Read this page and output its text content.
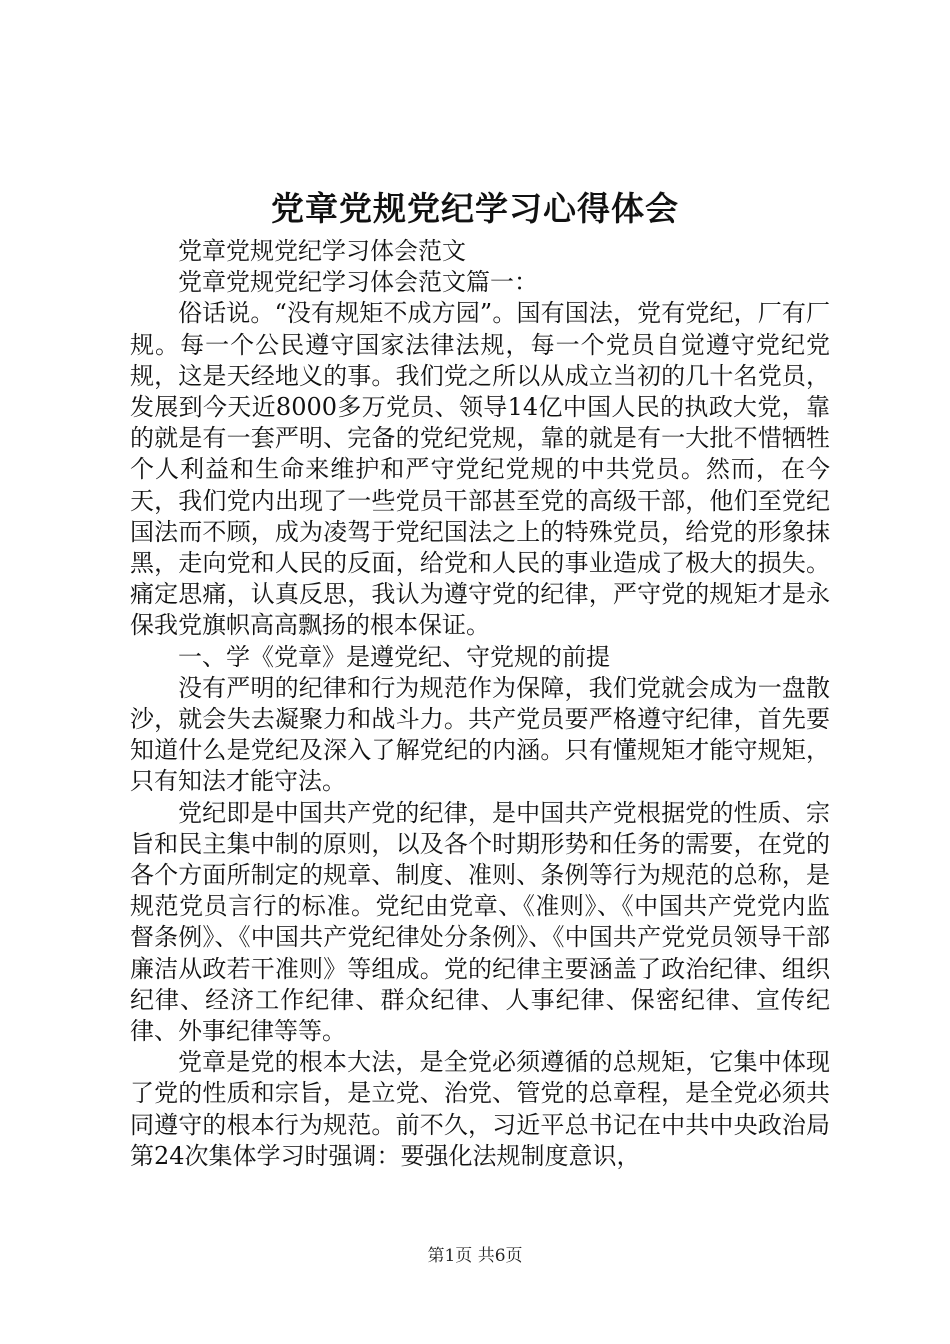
党章党规党纪学习心得体会

党章党规党纪学习体会范文

党章党规党纪学习体会范文篇一：

俗话说。“没有规矩不成方园”。国有国法，党有党纪，厂有厂规。每一个公民遵守国家法律法规，每一个党员自觉遵守党纪党规，这是天经地义的事。我们党之所以从成立当初的几十名党员，发展到今天近8000多万党员、领导14亿中国人民的执政大党，靠的就是有一套严明、完备的党纪党规，靠的就是有一大批不惜牺牲个人利益和生命来维护和严守党纪党规的中共党员。然而，在今天，我们党内出现了一些党员干部甚至党的高级干部，他们至党纪国法而不顾，成为凌驾于党纪国法之上的特殊党员，给党的形象抹黑，走向党和人民的反面，给党和人民的事业造成了极大的损失。痛定思痛，认真反思，我认为遵守党的纪律，严守党的规矩才是永保我党旗帜高高飘扬的根本保证。

一、学《党章》是遵党纪、守党规的前提

没有严明的纪律和行为规范作为保障，我们党就会成为一盘散沙，就会失去凝聚力和战斗力。共产党员要严格遵守纪律，首先要知道什么是党纪及深入了解党纪的内涵。只有懂规矩才能守规矩，只有知法才能守法。

党纪即是中国共产党的纪律，是中国共产党根据党的性质、宗旨和民主集中制的原则，以及各个时期形势和任务的需要，在党的各个方面所制定的规章、制度、准则、条例等行为规范的总称，是规范党员言行的标准。党纪由党章、《准则》、《中国共产党党内监督条例》、《中国共产党纪律处分条例》、《中国共产党党员领导干部廉洁从政若干准则》等组成。党的纪律主要涵盖了政治纪律、组织纪律、经济工作纪律、群众纪律、人事纪律、保密纪律、宣传纪律、外事纪律等等。

党章是党的根本大法，是全党必须遵循的总规矩，它集中体现了党的性质和宗旨，是立党、治党、管党的总章程，是全党必须共同遵守的根本行为规范。前不久，习近平总书记在中共中央政治局第24次集体学习时强调：要强化法规制度意识，

第1页 共6页
